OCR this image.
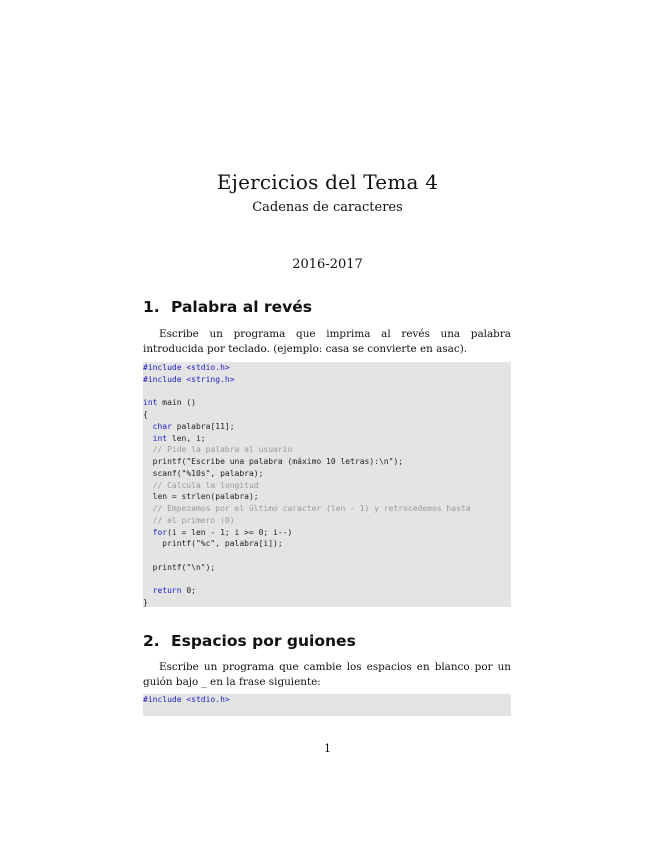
Ejercicios del Tema 4
Cadenas de caracteres
2016-2017
1. Palabra al revés
Escribe un programa que imprima al revés una palabra introducida por teclado. (ejemplo: casa se convierte en asac).
#include <stdio.h>
#include <string.h>
int main ()
{
char palabra[11];
int len, i;
// Pide la palabra al usuario
printf("Escribe una palabra (máximo 10 letras):\n");
scanf("%10s", palabra);
// Calcula la longitud
len = strlen(palabra);
// Empezamos por el último caracter (len - 1) y retrocedemos hasta
// el primero (0)
for(i = len - 1; i >= 0; i--)
printf("%c", palabra[i]);
printf("\n");
return 0;
}
2. Espacios por guiones
Escribe un programa que cambie los espacios en blanco por un guión bajo _ en la frase siguiente:
#include <stdio.h>
1
